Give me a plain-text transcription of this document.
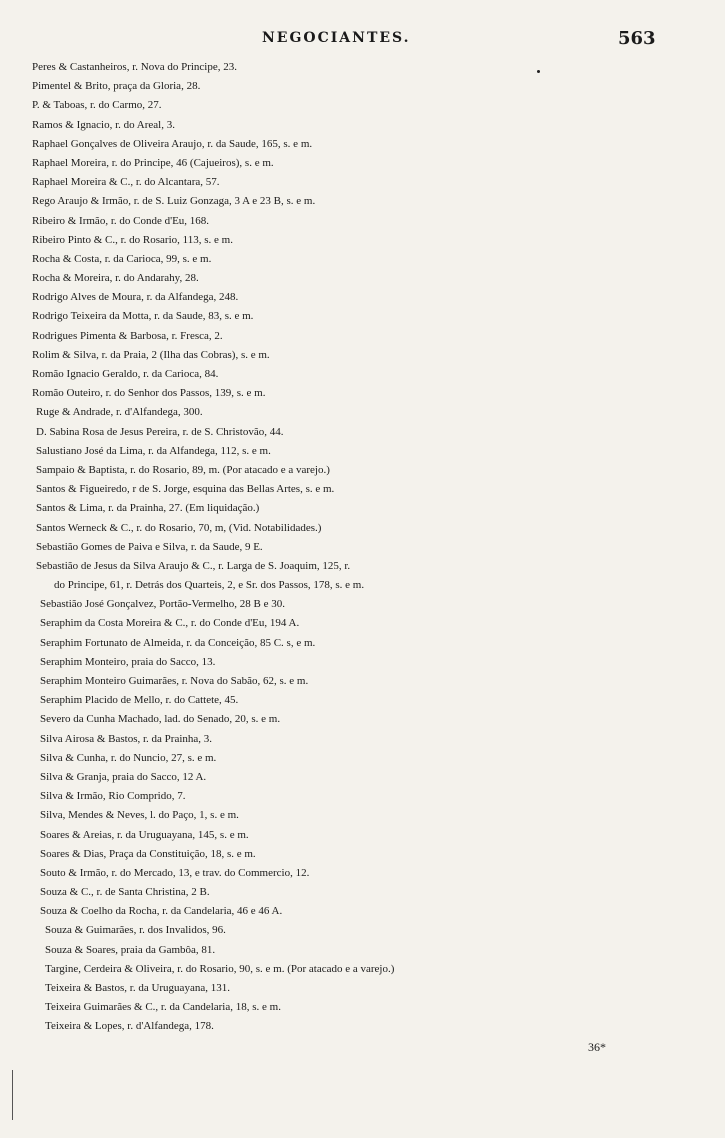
NEGOCIANTES.	563
Peres & Castanheiros, r. Nova do Principe, 23.
Pimentel & Brito, praça da Gloria, 28.
P. & Taboas, r. do Carmo, 27.
Ramos & Ignacio, r. do Areal, 3.
Raphael Gonçalves de Oliveira Araujo, r. da Saude, 165, s. e m.
Raphael Moreira, r. do Principe, 46 (Cajueiros), s. e m.
Raphael Moreira & C., r. do Alcantara, 57.
Rego Araujo & Irmão, r. de S. Luiz Gonzaga, 3 A e 23 B, s. e m.
Ribeiro & Irmão, r. do Conde d'Eu, 168.
Ribeiro Pinto & C., r. do Rosario, 113, s. e m.
Rocha & Costa, r. da Carioca, 99, s. e m.
Rocha & Moreira, r. do Andarahy, 28.
Rodrigo Alves de Moura, r. da Alfandega, 248.
Rodrigo Teixeira da Motta, r. da Saude, 83, s. e m.
Rodrigues Pimenta & Barbosa, r. Fresca, 2.
Rolim & Silva, r. da Praia, 2 (Ilha das Cobras), s. e m.
Romão Ignacio Geraldo, r. da Carioca, 84.
Romão Outeiro, r. do Senhor dos Passos, 139, s. e m.
Ruge & Andrade, r. d'Alfandega, 300.
D. Sabina Rosa de Jesus Pereira, r. de S. Christovão, 44.
Salustiano José da Lima, r. da Alfandega, 112, s. e m.
Sampaio & Baptista, r. do Rosario, 89, m. (Por atacado e a varejo.)
Santos & Figueiredo, r de S. Jorge, esquina das Bellas Artes, s. e m.
Santos & Lima, r. da Prainha, 27. (Em liquidação.)
Santos Werneck & C., r. do Rosario, 70, m, (Vid. Notabilidades.)
Sebastião Gomes de Paiva e Silva, r. da Saude, 9 E.
Sebastião de Jesus da Silva Araujo & C., r. Larga de S. Joaquim, 125, r.
do Principe, 61, r. Detrás dos Quarteis, 2, e Sr. dos Passos, 178, s. e m.
Sebastião José Gonçalvez, Portão-Vermelho, 28 B e 30.
Seraphim da Costa Moreira & C., r. do Conde d'Eu, 194 A.
Seraphim Fortunato de Almeida, r. da Conceição, 85 C. s, e m.
Seraphim Monteiro, praia do Sacco, 13.
Seraphim Monteiro Guimarães, r. Nova do Sabão, 62, s. e m.
Seraphim Placido de Mello, r. do Cattete, 45.
Severo da Cunha Machado, lad. do Senado, 20, s. e m.
Silva Airosa & Bastos, r. da Prainha, 3.
Silva & Cunha, r. do Nuncio, 27, s. e m.
Silva & Granja, praia do Sacco, 12 A.
Silva & Irmão, Rio Comprido, 7.
Silva, Mendes & Neves, l. do Paço, 1, s. e m.
Soares & Areias, r. da Uruguayana, 145, s. e m.
Soares & Dias, Praça da Constituição, 18, s. e m.
Souto & Irmão, r. do Mercado, 13, e trav. do Commercio, 12.
Souza & C., r. de Santa Christina, 2 B.
Souza & Coelho da Rocha, r. da Candelaria, 46 e 46 A.
Souza & Guimarães, r. dos Invalidos, 96.
Souza & Soares, praia da Gambôa, 81.
Targine, Cerdeira & Oliveira, r. do Rosario, 90, s. e m. (Por atacado e a varejo.)
Teixeira & Bastos, r. da Uruguayana, 131.
Teixeira Guimarães & C., r. da Candelaria, 18, s. e m.
Teixeira & Lopes, r. d'Alfandega, 178.
36*
